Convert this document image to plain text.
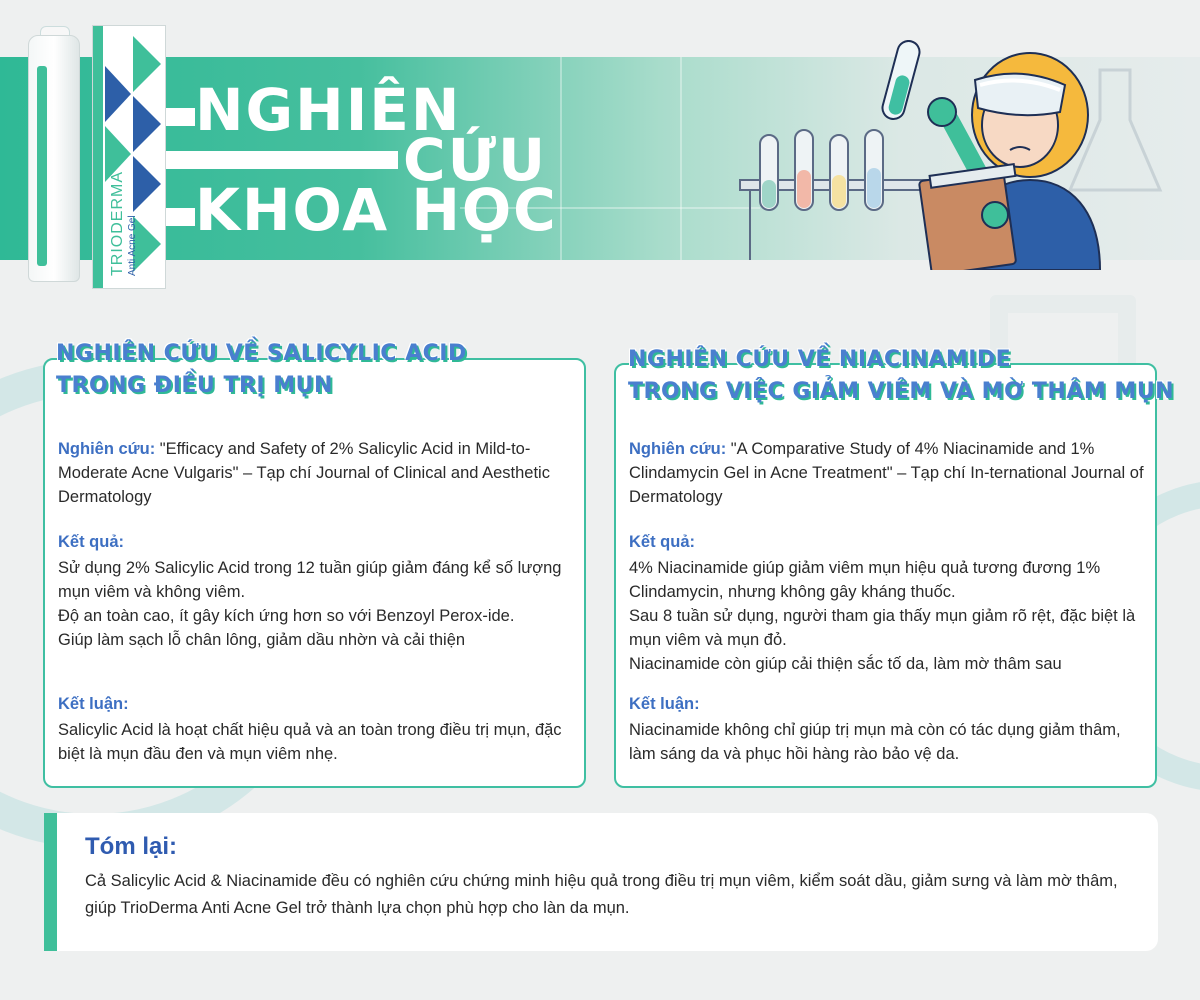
NGHIÊN
CỨU
KHOA HỌC
TRIODERMA Anti Acne Gel
NGHIÊN CỨU VỀ SALICYLIC ACID
TRONG ĐIỀU TRỊ MỤN

Nghiên cứu: "Efficacy and Safety of 2% Salicylic Acid in Mild-to-Moderate Acne Vulgaris" – Tạp chí Journal of Clinical and Aesthetic Dermatology

Kết quả:

Sử dụng 2% Salicylic Acid trong 12 tuần giúp giảm đáng kể số lượng mụn viêm và không viêm.

Độ an toàn cao, ít gây kích ứng hơn so với Benzoyl Perox-ide.

Giúp làm sạch lỗ chân lông, giảm dầu nhờn và cải thiện

Kết luận:

Salicylic Acid là hoạt chất hiệu quả và an toàn trong điều trị mụn, đặc biệt là mụn đầu đen và mụn viêm nhẹ.

NGHIÊN CỨU VỀ NIACINAMIDE
TRONG VIỆC GIẢM VIÊM VÀ MỜ THÂM MỤN

Nghiên cứu: "A Comparative Study of 4% Niacinamide and 1% Clindamycin Gel in Acne Treatment" – Tạp chí In-ternational Journal of Dermatology

Kết quả:

4% Niacinamide giúp giảm viêm mụn hiệu quả tương đương 1% Clindamycin, nhưng không gây kháng thuốc.

Sau 8 tuần sử dụng, người tham gia thấy mụn giảm rõ rệt, đặc biệt là mụn viêm và mụn đỏ.

Niacinamide còn giúp cải thiện sắc tố da, làm mờ thâm sau

Kết luận:

Niacinamide không chỉ giúp trị mụn mà còn có tác dụng giảm thâm, làm sáng da và phục hồi hàng rào bảo vệ da.

Tóm lại:
Cả Salicylic Acid & Niacinamide đều có nghiên cứu chứng minh hiệu quả trong điều trị mụn viêm, kiểm soát dầu, giảm sưng và làm mờ thâm, giúp TrioDerma Anti Acne Gel trở thành lựa chọn phù hợp cho làn da mụn.
